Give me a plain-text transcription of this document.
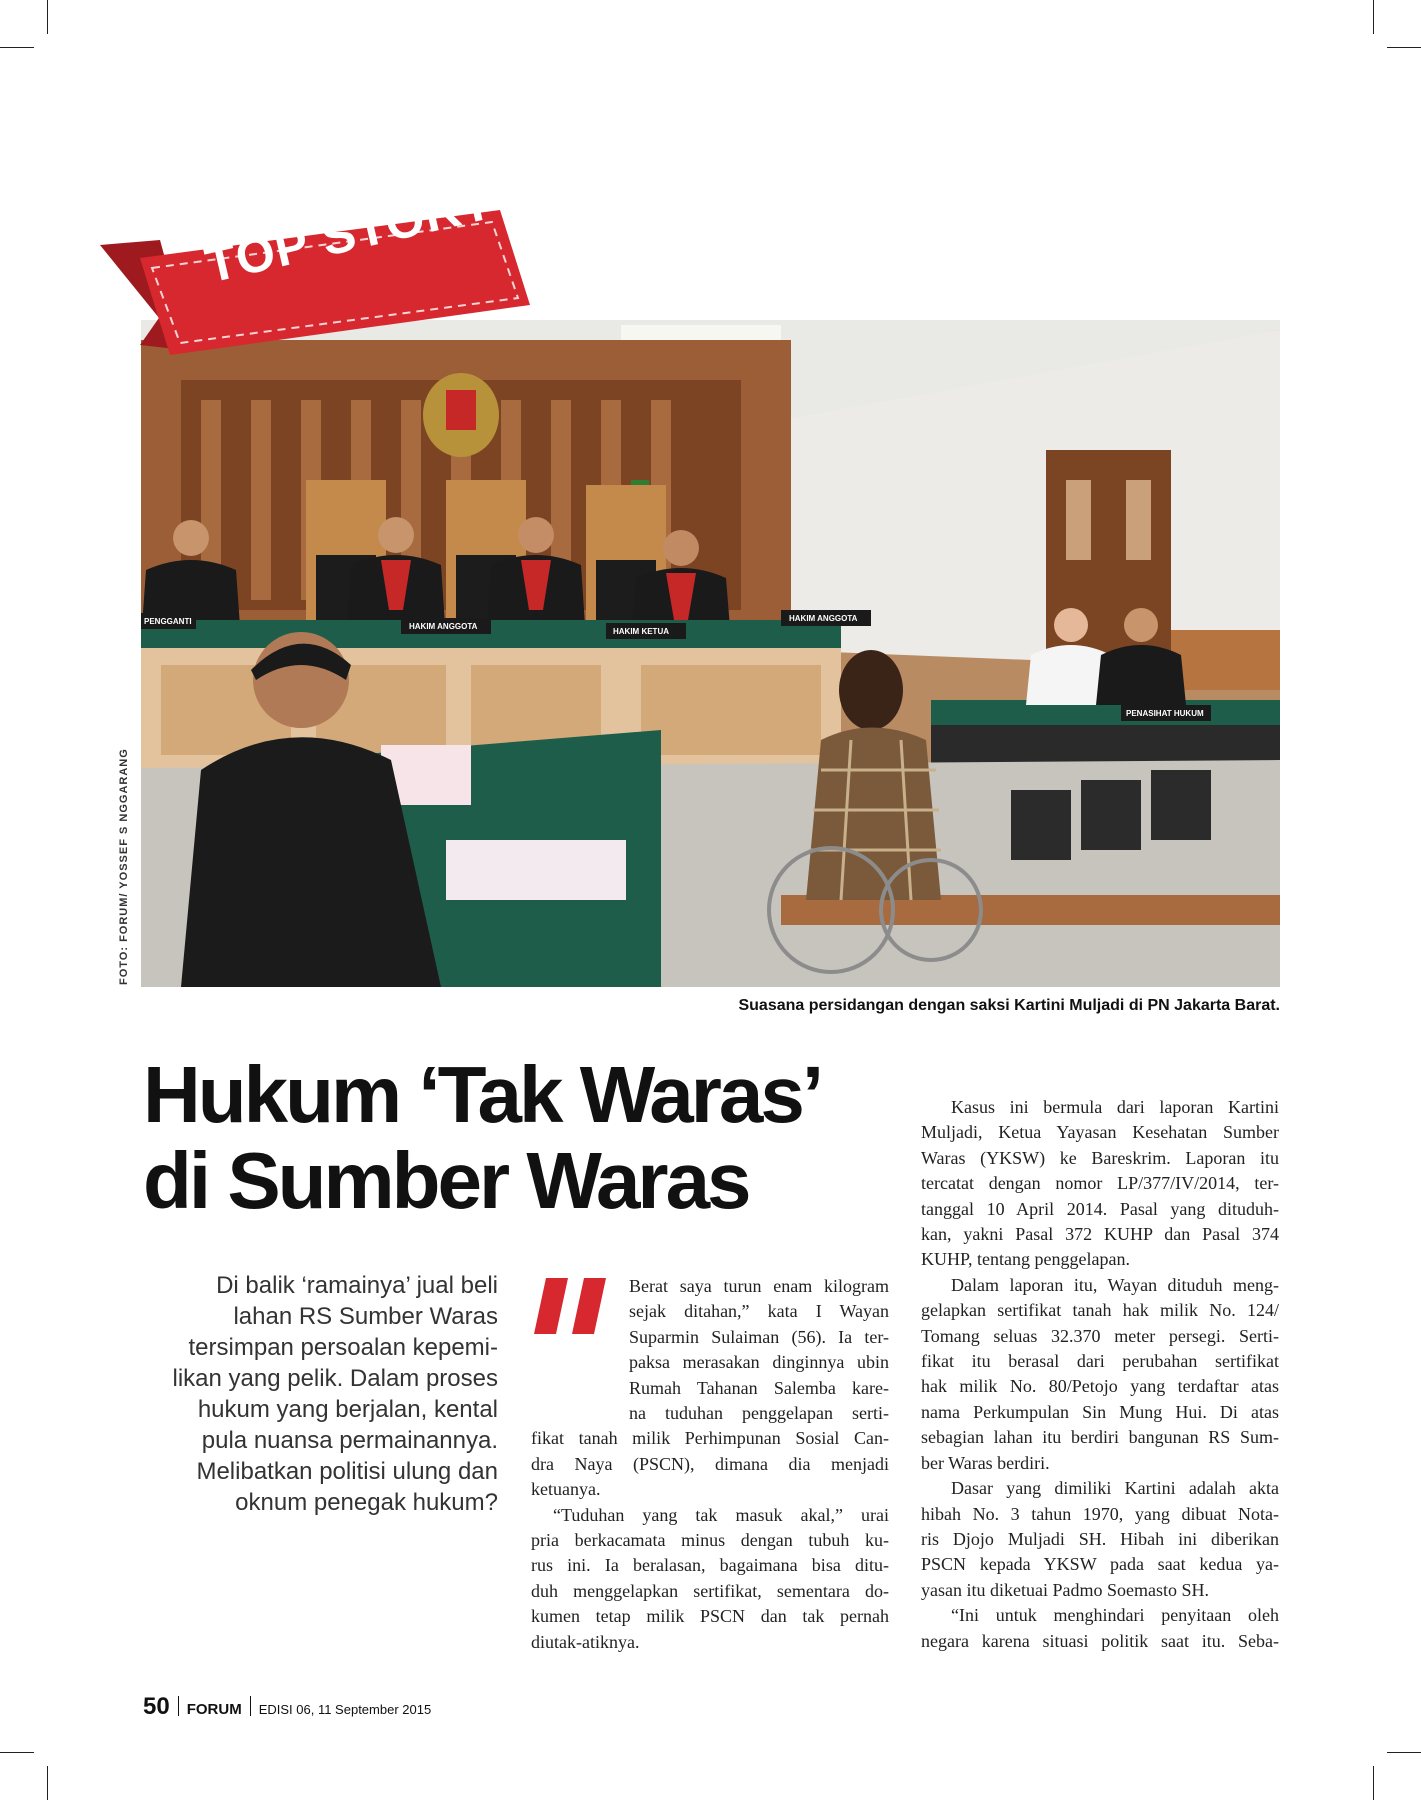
PENGGANTI
HAKIM ANGGOTA
HAKIM KETUA
HAKIM ANGGOTA
PENASIHAT HUKUM
TOP STORY
FOTO: FORUM/ YOSSEF S NGGARANG
Suasana persidangan dengan saksi Kartini Muljadi di PN Jakarta Barat.
Hukum ‘Tak Waras’
di Sumber Waras
Di balik ‘ramainya’ jual beli
lahan RS Sumber Waras
tersimpan persoalan kepemi-
likan yang pelik. Dalam proses
hukum yang berjalan, kental
pula nuansa permainannya.
Melibatkan politisi ulung dan
oknum penegak hukum?
Berat saya turun enam kilogram
sejak ditahan,” kata I Wayan
Suparmin Sulaiman (56). Ia ter-
paksa merasakan dinginnya ubin
Rumah Tahanan Salemba kare-
na tuduhan penggelapan serti-
fikat tanah milik Perhimpunan Sosial Can-
dra Naya (PSCN), dimana dia menjadi
ketuanya.
“Tuduhan yang tak masuk akal,” urai
pria berkacamata minus dengan tubuh ku-
rus ini. Ia beralasan, bagaimana bisa ditu-
duh menggelapkan sertifikat, sementara do-
kumen tetap milik PSCN dan tak pernah
diutak-atiknya.
Kasus ini bermula dari laporan Kartini
Muljadi, Ketua Yayasan Kesehatan Sumber
Waras (YKSW) ke Bareskrim. Laporan itu
tercatat dengan nomor LP/377/IV/2014, ter-
tanggal 10 April 2014. Pasal yang dituduh-
kan, yakni Pasal 372 KUHP dan Pasal 374
KUHP, tentang penggelapan.
Dalam laporan itu, Wayan dituduh meng-
gelapkan sertifikat tanah hak milik No. 124/
Tomang seluas 32.370 meter persegi. Serti-
fikat itu berasal dari perubahan sertifikat
hak milik No. 80/Petojo yang terdaftar atas
nama Perkumpulan Sin Mung Hui. Di atas
sebagian lahan itu berdiri bangunan RS Sum-
ber Waras berdiri.
Dasar yang dimiliki Kartini adalah akta
hibah No. 3 tahun 1970, yang dibuat Nota-
ris Djojo Muljadi SH. Hibah ini diberikan
PSCN kepada YKSW pada saat kedua ya-
yasan itu diketuai Padmo Soemasto SH.
“Ini untuk menghindari penyitaan oleh
negara karena situasi politik saat itu. Seba-
50 FORUM EDISI 06, 11 September 2015
